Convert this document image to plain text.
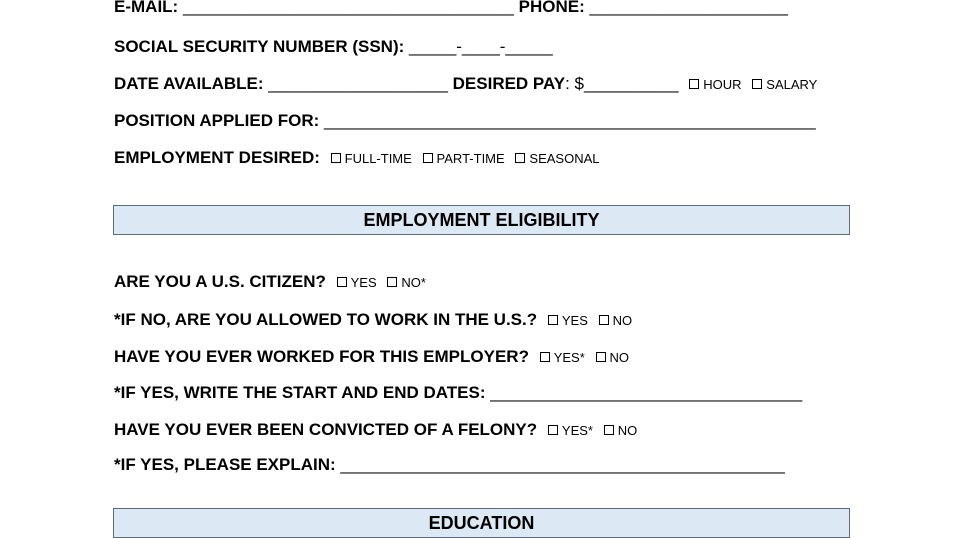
E-MAIL: ___________________________________ PHONE: _____________________
SOCIAL SECURITY NUMBER (SSN): _____-____-_____
DATE AVAILABLE: ___________________ DESIRED PAY: $__________ HOUR SALARY
POSITION APPLIED FOR: ____________________________________________________
EMPLOYMENT DESIRED: FULL-TIME PART-TIME SEASONAL
EMPLOYMENT ELIGIBILITY
ARE YOU A U.S. CITIZEN? YES NO*
*IF NO, ARE YOU ALLOWED TO WORK IN THE U.S.? YES NO
HAVE YOU EVER WORKED FOR THIS EMPLOYER? YES* NO
*IF YES, WRITE THE START AND END DATES: _________________________________
HAVE YOU EVER BEEN CONVICTED OF A FELONY? YES* NO
*IF YES, PLEASE EXPLAIN: _______________________________________________
EDUCATION
